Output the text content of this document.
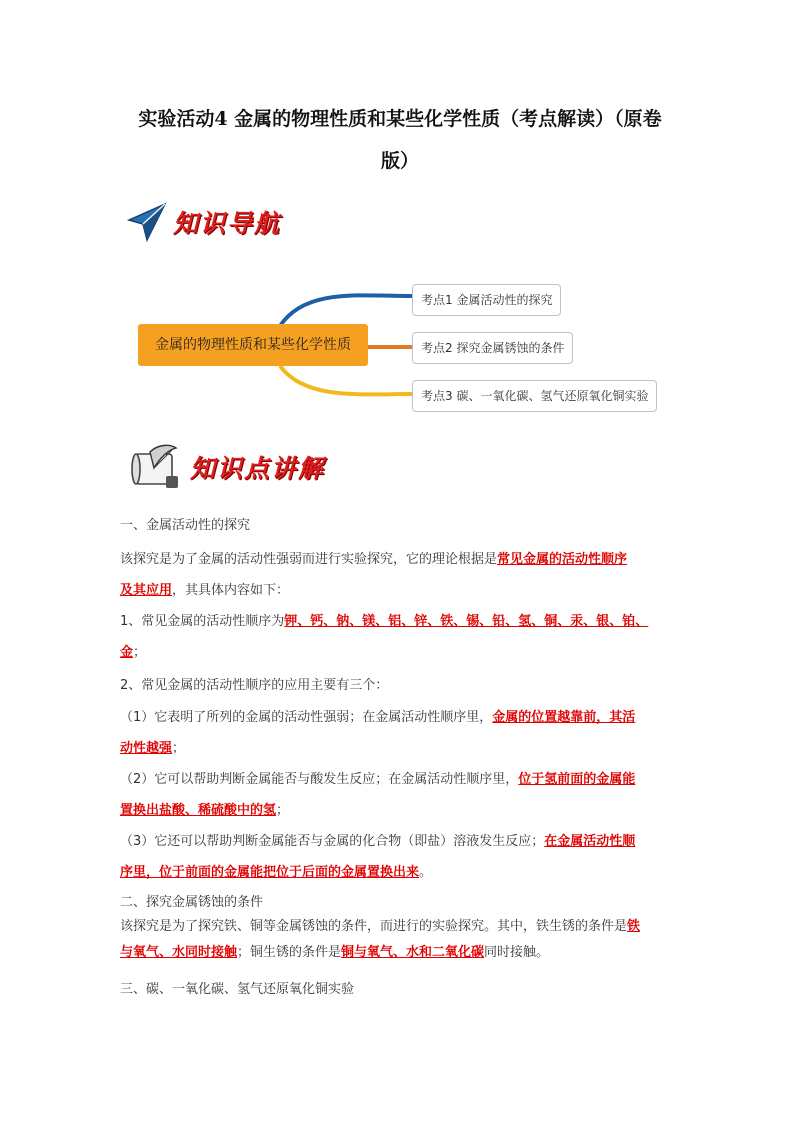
实验活动4 金属的物理性质和某些化学性质（考点解读）（原卷
版）
知识导航
金属的物理性质和某些化学性质
考点1 金属活动性的探究
考点2 探究金属锈蚀的条件
考点3 碳、一氧化碳、氢气还原氧化铜实验
知识点讲解
一、金属活动性的探究
该探究是为了金属的活动性强弱而进行实验探究，它的理论根据是常见金属的活动性顺序
及其应用，其具体内容如下：
1、常见金属的活动性顺序为钾、钙、钠、镁、铝、锌、铁、锡、铅、氢、铜、汞、银、铂、
金；
2、常见金属的活动性顺序的应用主要有三个：
（1）它表明了所列的金属的活动性强弱；在金属活动性顺序里，金属的位置越靠前，其活
动性越强；
（2）它可以帮助判断金属能否与酸发生反应；在金属活动性顺序里，位于氢前面的金属能
置换出盐酸、稀硫酸中的氢；
（3）它还可以帮助判断金属能否与金属的化合物（即盐）溶液发生反应；在金属活动性顺
序里，位于前面的金属能把位于后面的金属置换出来。
二、探究金属锈蚀的条件
该探究是为了探究铁、铜等金属锈蚀的条件，而进行的实验探究。其中，铁生锈的条件是铁
与氧气、水同时接触；铜生锈的条件是铜与氧气、水和二氧化碳同时接触。
三、碳、一氧化碳、氢气还原氧化铜实验
